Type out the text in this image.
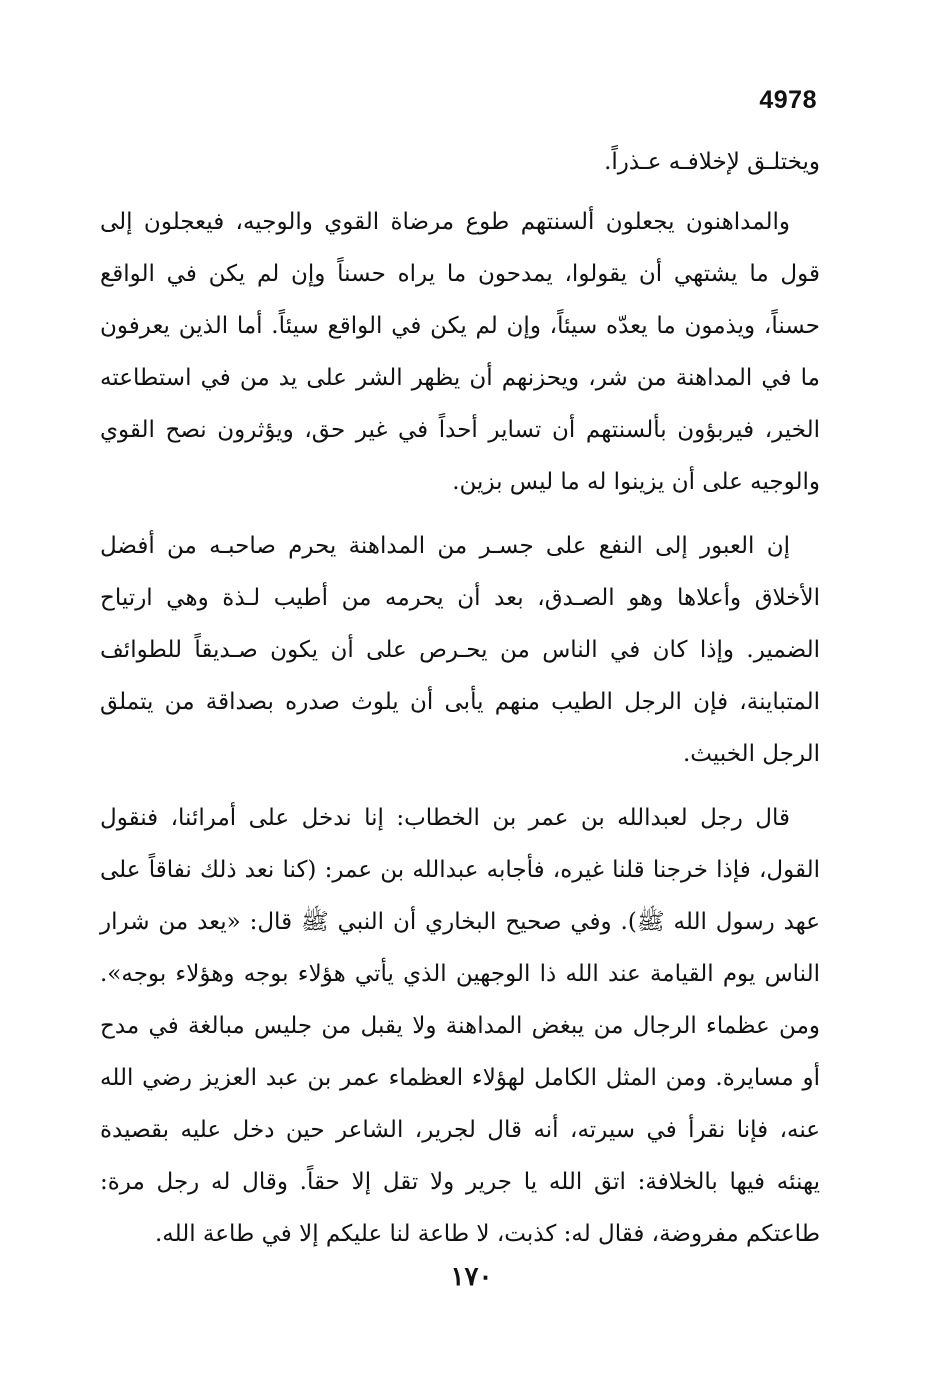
4978

ويختلـق لإخلافـه عـذراً.

والمداهنون يجعلون ألسنتهم طوع مرضاة القوي والوجيه، فيعجلون إلى قول ما يشتهي أن يقولوا، يمدحون ما يراه حسناً وإن لم يكن في الواقع حسناً، ويذمون ما يعدّه سيئاً، وإن لم يكن في الواقع سيئاً. أما الذين يعرفون ما في المداهنة من شر، ويحزنهم أن يظهر الشر على يد من في استطاعته الخير، فيربؤون بألسنتهم أن تساير أحداً في غير حق، ويؤثرون نصح القوي والوجيه على أن يزينوا له ما ليس بزين.

إن العبور إلى النفع على جسـر من المداهنة يحرم صاحبـه من أفضل الأخلاق وأعلاها وهو الصـدق، بعد أن يحرمه من أطيب لـذة وهي ارتياح الضمير. وإذا كان في الناس من يحـرص على أن يكون صـديقاً للطوائف المتباينة، فإن الرجل الطيب منهم يأبى أن يلوث صدره بصداقة من يتملق الرجل الخبيث.

قال رجل لعبدالله بن عمر بن الخطاب: إنا ندخل على أمرائنا، فنقول القول، فإذا خرجنا قلنا غيره، فأجابه عبدالله بن عمر: (كنا نعد ذلك نفاقاً على عهد رسول الله ﷺ). وفي صحيح البخاري أن النبي ﷺ قال: «يعد من شرار الناس يوم القيامة عند الله ذا الوجهين الذي يأتي هؤلاء بوجه وهؤلاء بوجه». ومن عظماء الرجال من يبغض المداهنة ولا يقبل من جليس مبالغة في مدح أو مسايرة. ومن المثل الكامل لهؤلاء العظماء عمر بن عبد العزيز رضي الله عنه، فإنا نقرأ في سيرته، أنه قال لجرير، الشاعر حين دخل عليه بقصيدة يهنئه فيها بالخلافة: اتق الله يا جرير ولا تقل إلا حقاً. وقال له رجل مرة: طاعتكم مفروضة، فقال له: كذبت، لا طاعة لنا عليكم إلا في طاعة الله.

١٧٠
